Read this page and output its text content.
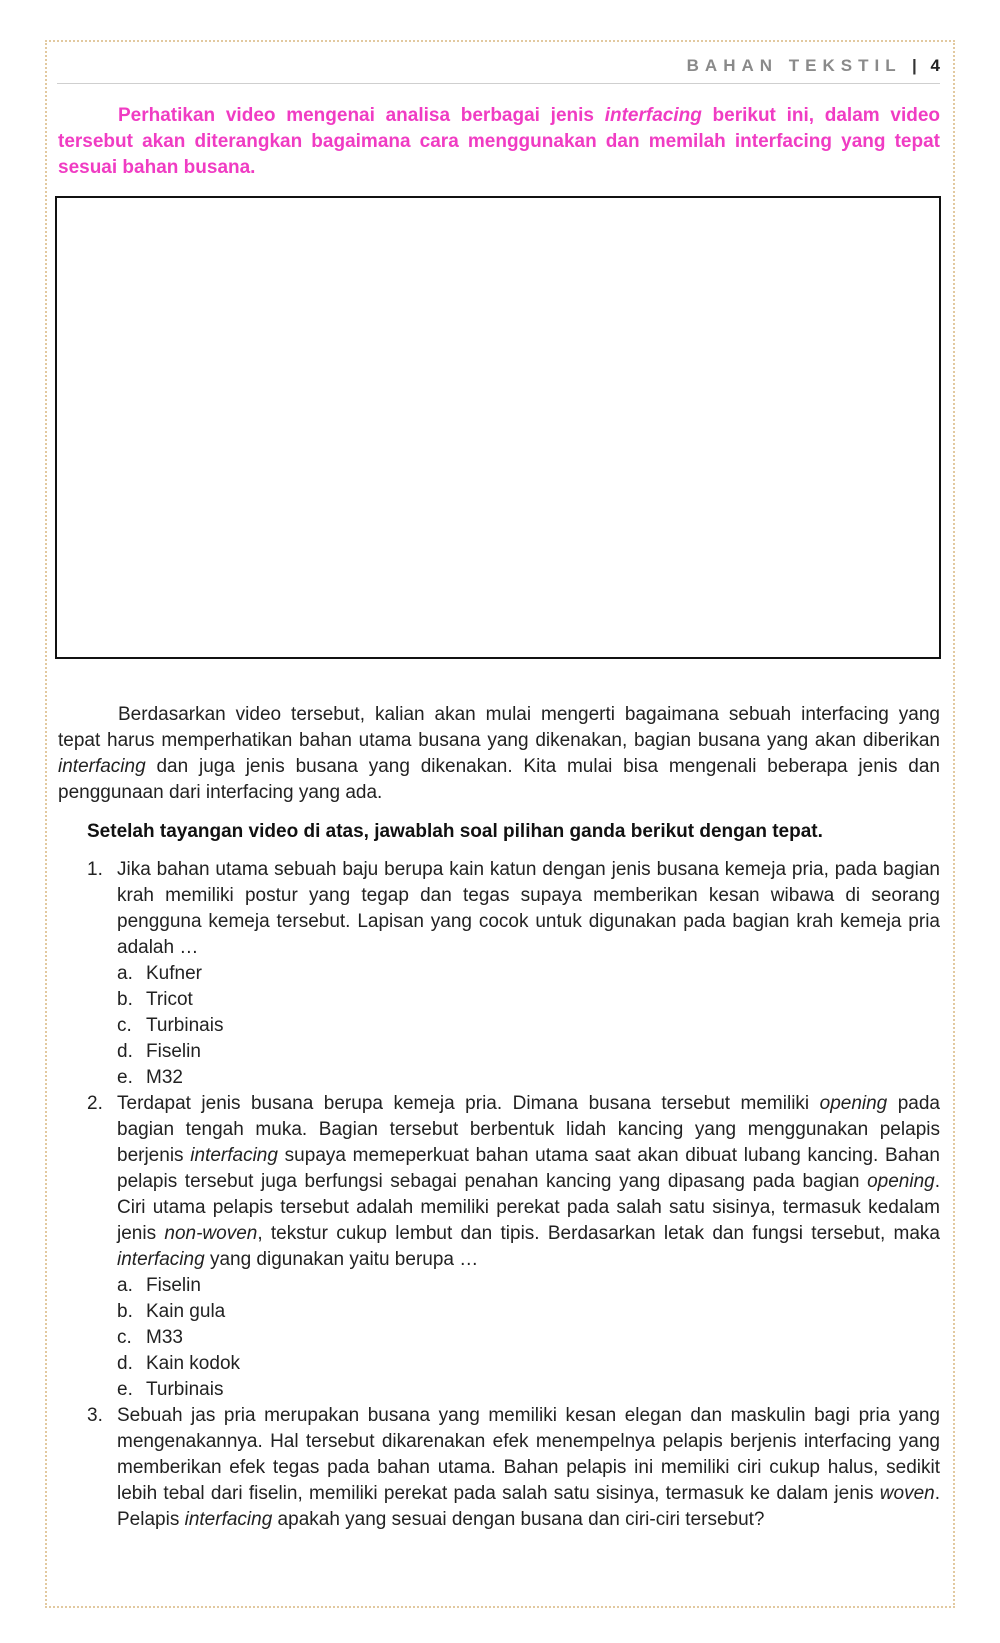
BAHAN TEKSTIL | 4

Perhatikan video mengenai analisa berbagai jenis interfacing berikut ini, dalam video tersebut akan diterangkan bagaimana cara menggunakan dan memilah interfacing yang tepat sesuai bahan busana.

Berdasarkan video tersebut, kalian akan mulai mengerti bagaimana sebuah interfacing yang tepat harus memperhatikan bahan utama busana yang dikenakan, bagian busana yang akan diberikan interfacing dan juga jenis busana yang dikenakan. Kita mulai bisa mengenali beberapa jenis dan penggunaan dari interfacing yang ada.

Setelah tayangan video di atas, jawablah soal pilihan ganda berikut dengan tepat.

1. Jika bahan utama sebuah baju berupa kain katun dengan jenis busana kemeja pria, pada bagian krah memiliki postur yang tegap dan tegas supaya memberikan kesan wibawa di seorang pengguna kemeja tersebut. Lapisan yang cocok untuk digunakan pada bagian krah kemeja pria adalah …

a. Kufner
b. Tricot
c. Turbinais
d. Fiselin
e. M32
2. Terdapat jenis busana berupa kemeja pria. Dimana busana tersebut memiliki opening pada bagian tengah muka. Bagian tersebut berbentuk lidah kancing yang menggunakan pelapis berjenis interfacing supaya memeperkuat bahan utama saat akan dibuat lubang kancing. Bahan pelapis tersebut juga berfungsi sebagai penahan kancing yang dipasang pada bagian opening. Ciri utama pelapis tersebut adalah memiliki perekat pada salah satu sisinya, termasuk kedalam jenis non-woven, tekstur cukup lembut dan tipis. Berdasarkan letak dan fungsi tersebut, maka interfacing yang digunakan yaitu berupa …

a. Fiselin
b. Kain gula
c. M33
d. Kain kodok
e. Turbinais
3. Sebuah jas pria merupakan busana yang memiliki kesan elegan dan maskulin bagi pria yang mengenakannya. Hal tersebut dikarenakan efek menempelnya pelapis berjenis interfacing yang memberikan efek tegas pada bahan utama. Bahan pelapis ini memiliki ciri cukup halus, sedikit lebih tebal dari fiselin, memiliki perekat pada salah satu sisinya, termasuk ke dalam jenis woven. Pelapis interfacing apakah yang sesuai dengan busana dan ciri-ciri tersebut?
